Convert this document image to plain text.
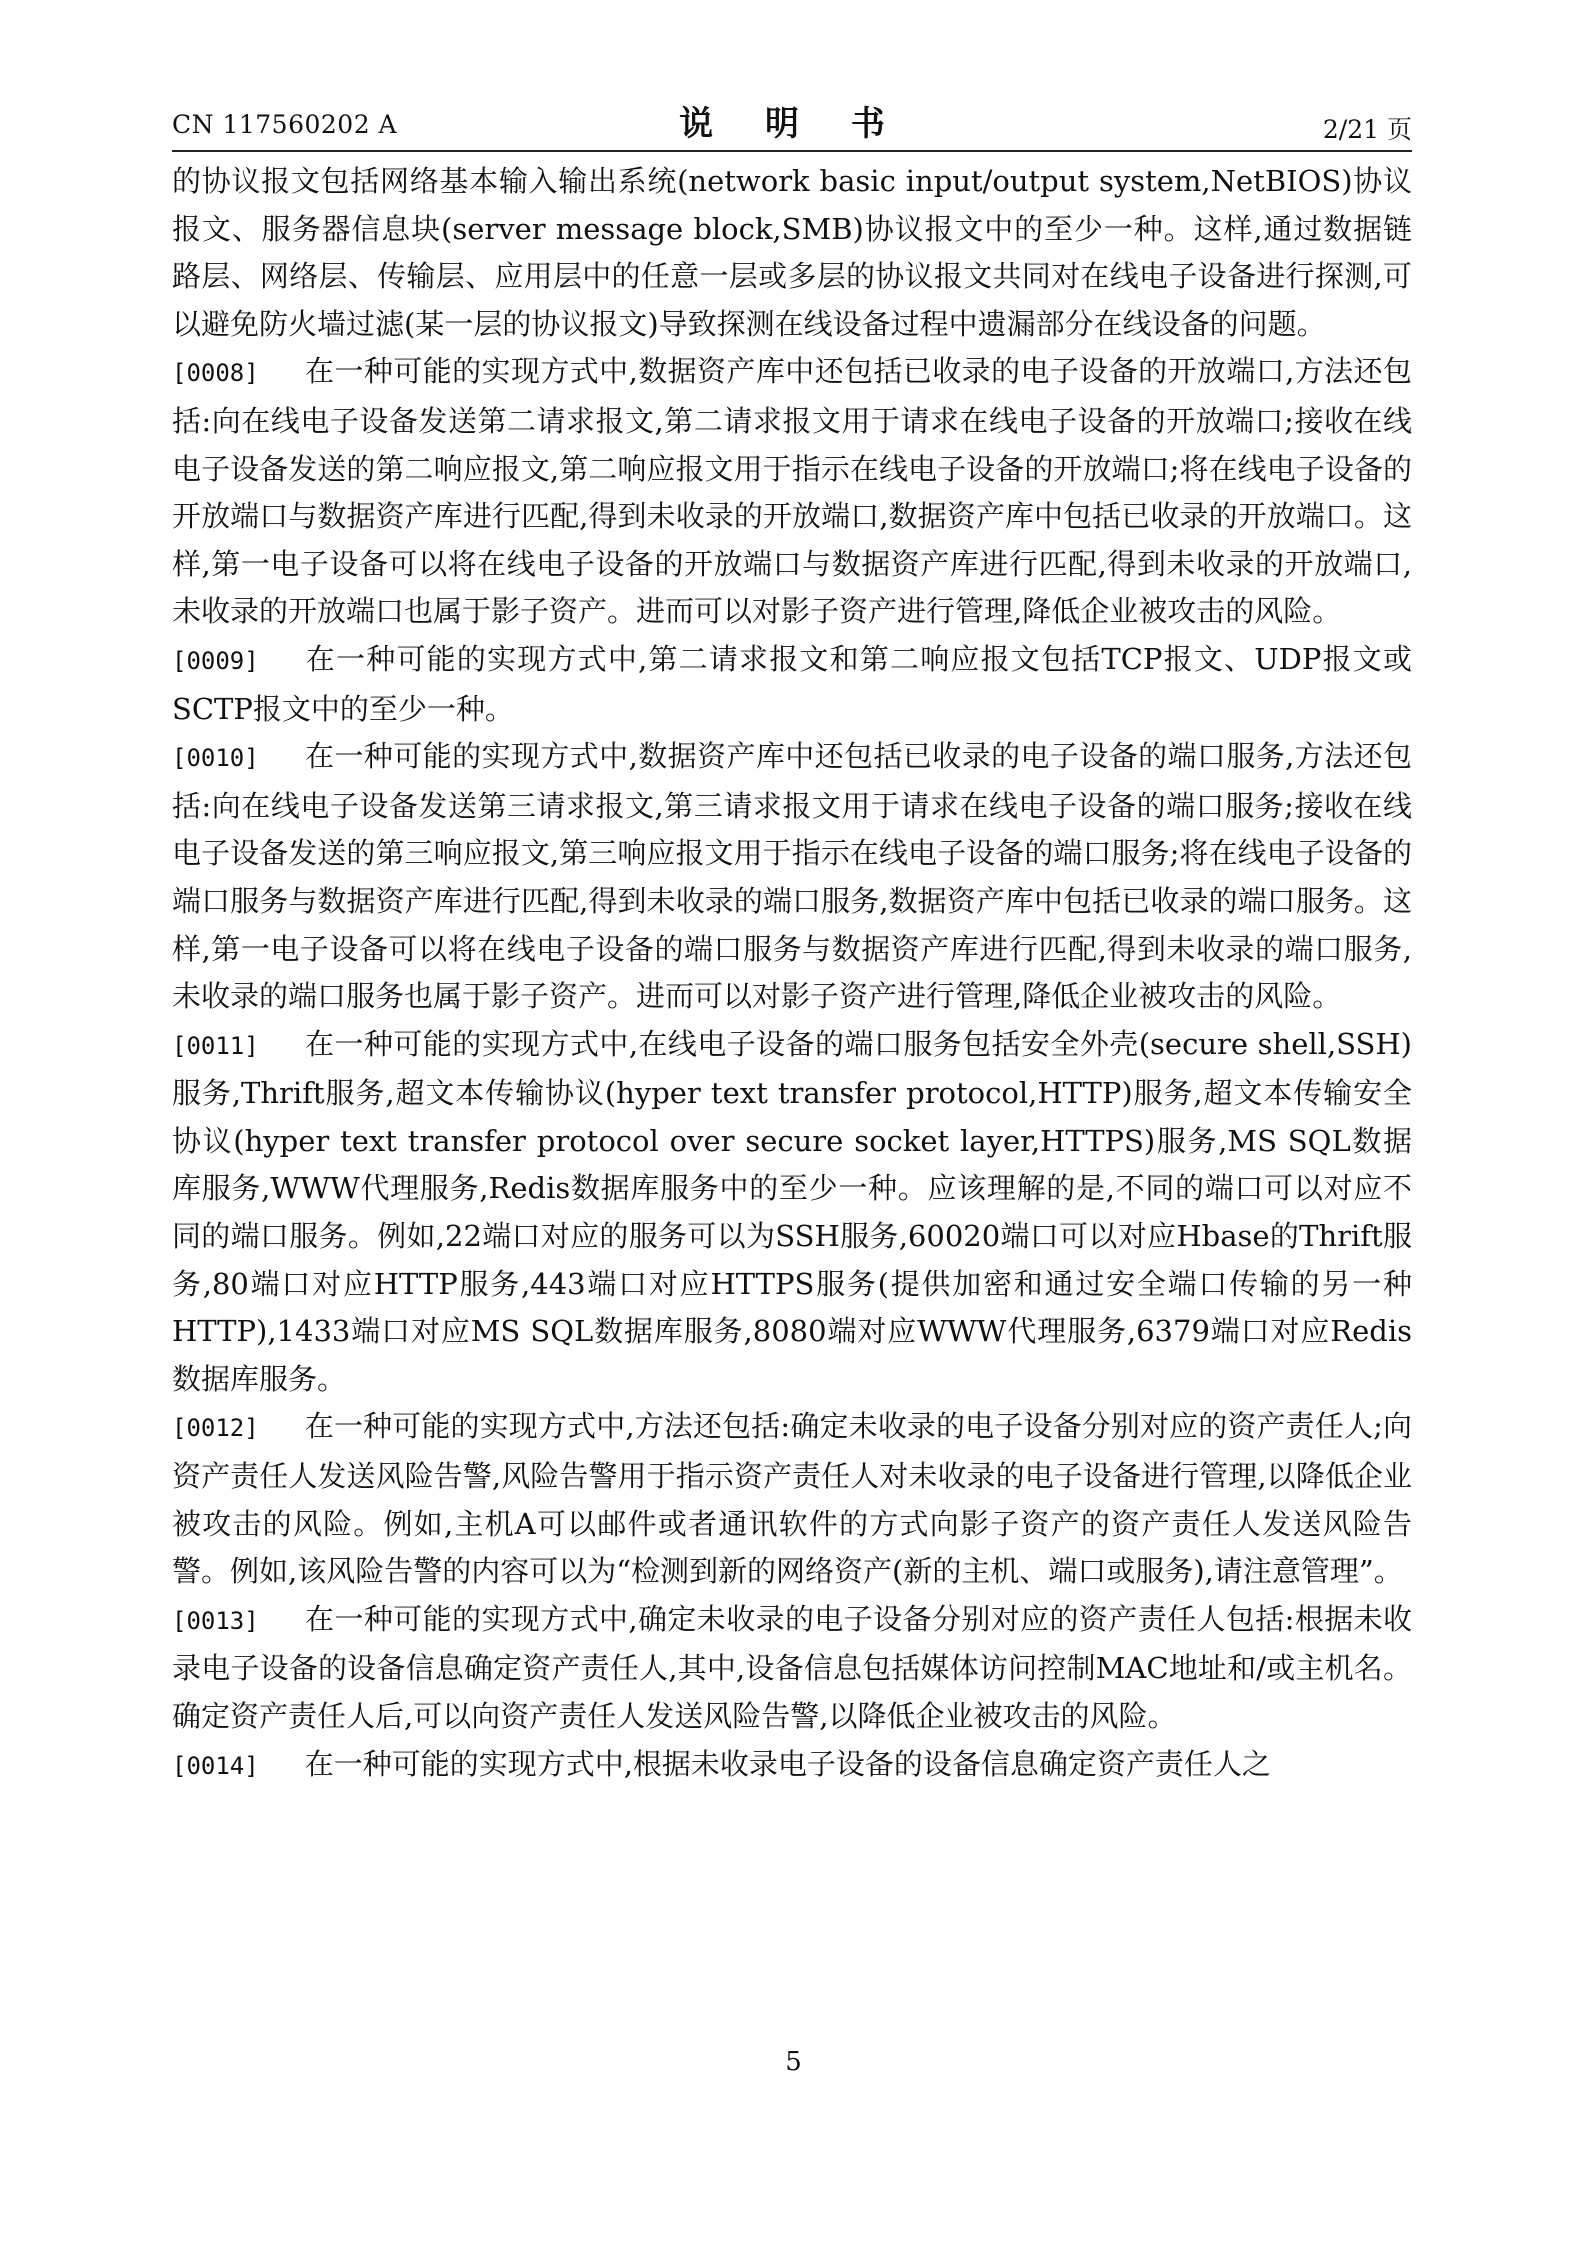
CN 117560202 A	说 明 书	2/21 页

的协议报文包括网络基本输入输出系统(network basic input/output system,NetBIOS)协议报文、服务器信息块(server message block,SMB)协议报文中的至少一种。这样,通过数据链路层、网络层、传输层、应用层中的任意一层或多层的协议报文共同对在线电子设备进行探测,可以避免防火墙过滤(某一层的协议报文)导致探测在线设备过程中遗漏部分在线设备的问题。

[0008] 在一种可能的实现方式中,数据资产库中还包括已收录的电子设备的开放端口,方法还包括:向在线电子设备发送第二请求报文,第二请求报文用于请求在线电子设备的开放端口;接收在线电子设备发送的第二响应报文,第二响应报文用于指示在线电子设备的开放端口;将在线电子设备的开放端口与数据资产库进行匹配,得到未收录的开放端口,数据资产库中包括已收录的开放端口。这样,第一电子设备可以将在线电子设备的开放端口与数据资产库进行匹配,得到未收录的开放端口,未收录的开放端口也属于影子资产。进而可以对影子资产进行管理,降低企业被攻击的风险。

[0009] 在一种可能的实现方式中,第二请求报文和第二响应报文包括TCP报文、UDP报文或SCTP报文中的至少一种。

[0010] 在一种可能的实现方式中,数据资产库中还包括已收录的电子设备的端口服务,方法还包括:向在线电子设备发送第三请求报文,第三请求报文用于请求在线电子设备的端口服务;接收在线电子设备发送的第三响应报文,第三响应报文用于指示在线电子设备的端口服务;将在线电子设备的端口服务与数据资产库进行匹配,得到未收录的端口服务,数据资产库中包括已收录的端口服务。这样,第一电子设备可以将在线电子设备的端口服务与数据资产库进行匹配,得到未收录的端口服务,未收录的端口服务也属于影子资产。进而可以对影子资产进行管理,降低企业被攻击的风险。

[0011] 在一种可能的实现方式中,在线电子设备的端口服务包括安全外壳(secure shell,SSH)服务,Thrift服务,超文本传输协议(hyper text transfer protocol,HTTP)服务,超文本传输安全协议(hyper text transfer protocol over secure socket layer,HTTPS)服务,MS SQL数据库服务,WWW代理服务,Redis数据库服务中的至少一种。应该理解的是,不同的端口可以对应不同的端口服务。例如,22端口对应的服务可以为SSH服务,60020端口可以对应Hbase的Thrift服务,80端口对应HTTP服务,443端口对应HTTPS服务(提供加密和通过安全端口传输的另一种HTTP),1433端口对应MS SQL数据库服务,8080端对应WWW代理服务,6379端口对应Redis数据库服务。

[0012] 在一种可能的实现方式中,方法还包括:确定未收录的电子设备分别对应的资产责任人;向资产责任人发送风险告警,风险告警用于指示资产责任人对未收录的电子设备进行管理,以降低企业被攻击的风险。例如,主机A可以邮件或者通讯软件的方式向影子资产的资产责任人发送风险告警。例如,该风险告警的内容可以为“检测到新的网络资产(新的主机、端口或服务),请注意管理”。

[0013] 在一种可能的实现方式中,确定未收录的电子设备分别对应的资产责任人包括:根据未收录电子设备的设备信息确定资产责任人,其中,设备信息包括媒体访问控制MAC地址和/或主机名。确定资产责任人后,可以向资产责任人发送风险告警,以降低企业被攻击的风险。

[0014] 在一种可能的实现方式中,根据未收录电子设备的设备信息确定资产责任人之

5
